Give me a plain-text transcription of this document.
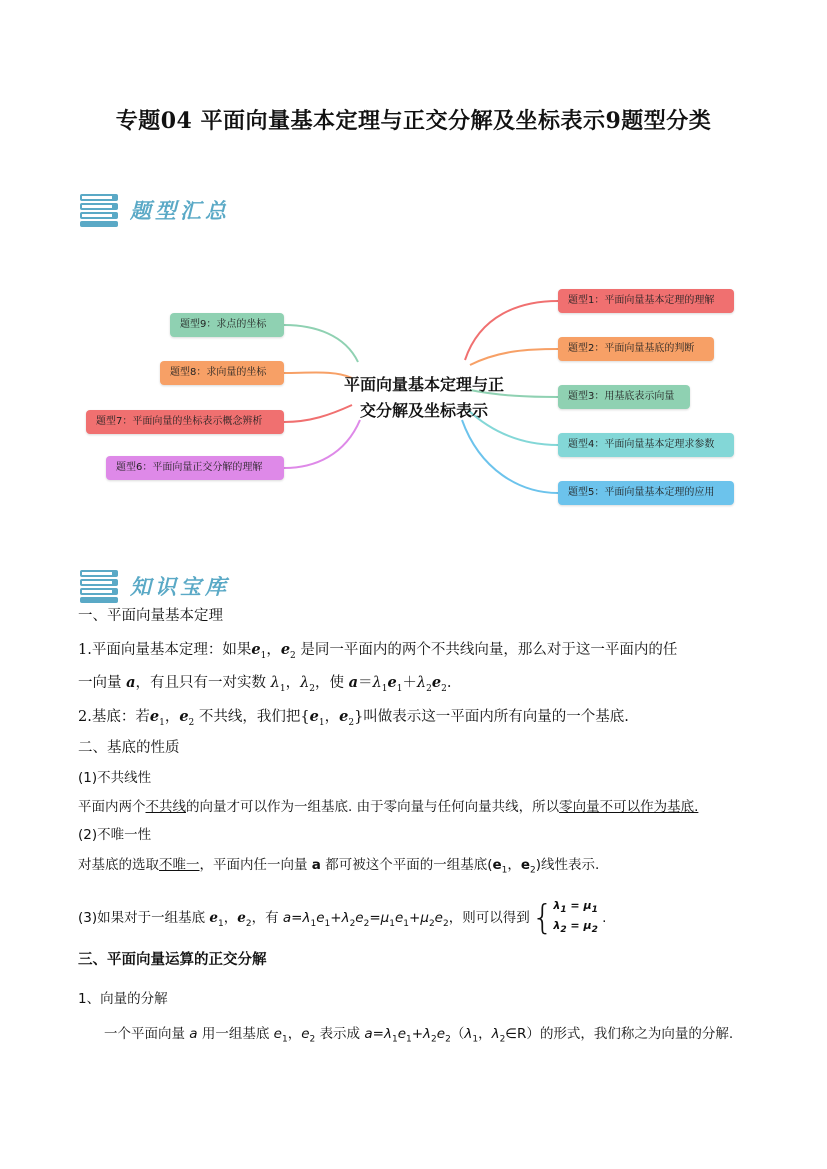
专题04 平面向量基本定理与正交分解及坐标表示9题型分类
题型汇总
平面向量基本定理与正
交分解及坐标表示
题型1：平面向量基本定理的理解
题型2：平面向量基底的判断
题型3：用基底表示向量
题型4：平面向量基本定理求参数
题型5：平面向量基本定理的应用
题型9：求点的坐标
题型8：求向量的坐标
题型7：平面向量的坐标表示概念辨析
题型6：平面向量正交分解的理解
知识宝库
一、平面向量基本定理
1.平面向量基本定理：如果$e_1$，$e_2$ 是同一平面内的两个不共线向量，那么对于这一平面内的任
一向量 a，有且只有一对实数 $\lambda_1$，$\lambda_2$，使 $a=\lambda_1e_1+\lambda_2e_2$.
2.基底：若$e_1$，$e_2$ 不共线，我们把{$e_1$，$e_2$}叫做表示这一平面内所有向量的一个基底.
二、基底的性质
(1)不共线性
平面内两个不共线的向量才可以作为一组基底. 由于零向量与任何向量共线，所以零向量不可以作为基底.
(2)不唯一性
对基底的选取不唯一，平面内任一向量 a 都可被这个平面的一组基底($e_1$，$e_2$)线性表示.
(3)如果对于一组基底 $e_1$，$e_2$，有 $a=\lambda_1e_1+\lambda_2e_2=\mu_1e_1+\mu_2e_2$，则可以得到 { $\lambda_1 = \mu_1$
$\lambda_2 = \mu_2$
.
三、平面向量运算的正交分解
1、向量的分解
一个平面向量 a 用一组基底 $e_1$，$e_2$ 表示成 $a=\lambda_1e_1+\lambda_2e_2(\lambda_1$，$\lambda_2\in R$）的形式，我们称之为向量的分解.
